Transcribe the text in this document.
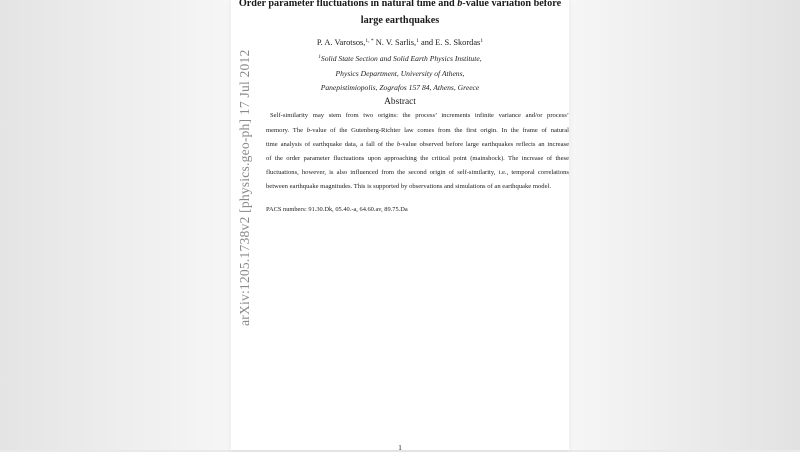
arXiv:1205.1738v2 [physics.geo-ph] 17 Jul 2012
Order parameter fluctuations in natural time and b-value variation before
large earthquakes
P. A. Varotsos,$^{1, *}$ N. V. Sarlis,$^1$ and E. S. Skordas$^1$
$^1$Solid State Section and Solid Earth Physics Institute,
Physics Department, University of Athens,
Panepistimiopolis, Zografos 157 84, Athens, Greece
Abstract
Self-similarity may stem from two origins: the process’ increments infinite variance and/or process’
memory. The b-value of the Gutenberg-Richter law comes from the first origin. In the frame of natural
time analysis of earthquake data, a fall of the b-value observed before large earthquakes reflects an increase
of the order parameter fluctuations upon approaching the critical point (mainshock). The increase of these
fluctuations, however, is also influenced from the second origin of self-similarity, i.e., temporal correlations
between earthquake magnitudes. This is supported by observations and simulations of an earthquake model.
PACS numbers: 91.30.Dk, 05.40.-a, 64.60.av, 89.75.Da
1
